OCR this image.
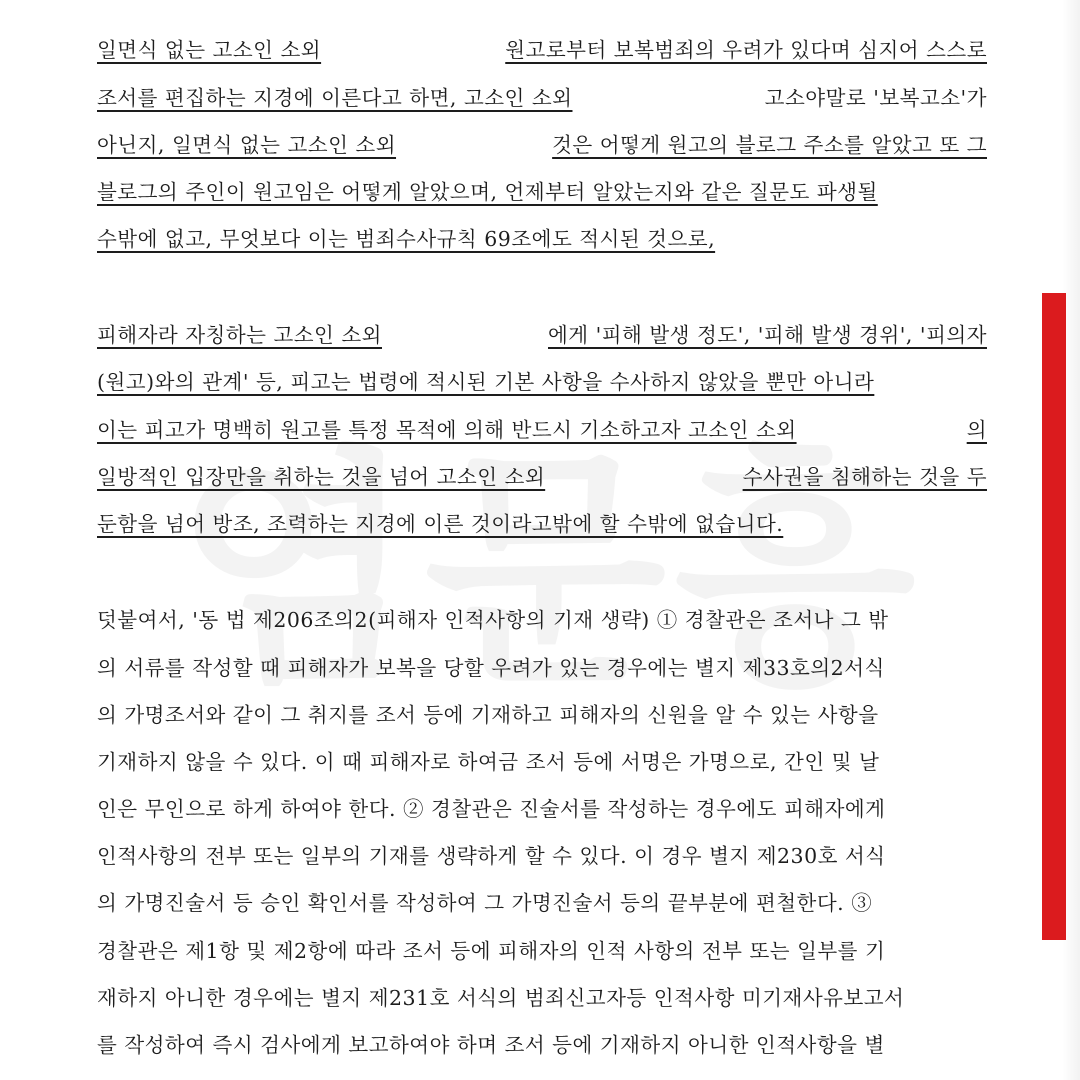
일면식 없는 고소인 소외	원고로부터 보복범죄의 우려가 있다며 심지어 스스로
조서를 편집하는 지경에 이른다고 하면, 고소인 소외	고소야말로 '보복고소'가
아닌지, 일면식 없는 고소인 소외	것은 어떻게 원고의 블로그 주소를 알았고 또 그
블로그의 주인이 원고임은 어떻게 알았으며, 언제부터 알았는지와 같은 질문도 파생될
수밖에 없고, 무엇보다 이는 범죄수사규칙 69조에도 적시된 것으로,
피해자라 자칭하는 고소인 소외	에게 '피해 발생 정도', '피해 발생 경위', '피의자
(원고)와의 관계' 등, 피고는 법령에 적시된 기본 사항을 수사하지 않았을 뿐만 아니라
이는 피고가 명백히 원고를 특정 목적에 의해 반드시 기소하고자 고소인 소외	의
일방적인 입장만을 취하는 것을 넘어 고소인 소외	수사권을 침해하는 것을 두
둔함을 넘어 방조, 조력하는 지경에 이른 것이라고밖에 할 수밖에 없습니다.
덧붙여서, '동 법 제206조의2(피해자 인적사항의 기재 생략) ① 경찰관은 조서나 그 밖
의 서류를 작성할 때 피해자가 보복을 당할 우려가 있는 경우에는 별지 제33호의2서식
의 가명조서와 같이 그 취지를 조서 등에 기재하고 피해자의 신원을 알 수 있는 사항을
기재하지 않을 수 있다. 이 때 피해자로 하여금 조서 등에 서명은 가명으로, 간인 및 날
인은 무인으로 하게 하여야 한다. ② 경찰관은 진술서를 작성하는 경우에도 피해자에게
인적사항의 전부 또는 일부의 기재를 생략하게 할 수 있다. 이 경우 별지 제230호 서식
의 가명진술서 등 승인 확인서를 작성하여 그 가명진술서 등의 끝부분에 편철한다. ③
경찰관은 제1항 및 제2항에 따라 조서 등에 피해자의 인적 사항의 전부 또는 일부를 기
재하지 아니한 경우에는 별지 제231호 서식의 범죄신고자등 인적사항 미기재사유보고서
를 작성하여 즉시 검사에게 보고하여야 하며 조서 등에 기재하지 아니한 인적사항을 별
